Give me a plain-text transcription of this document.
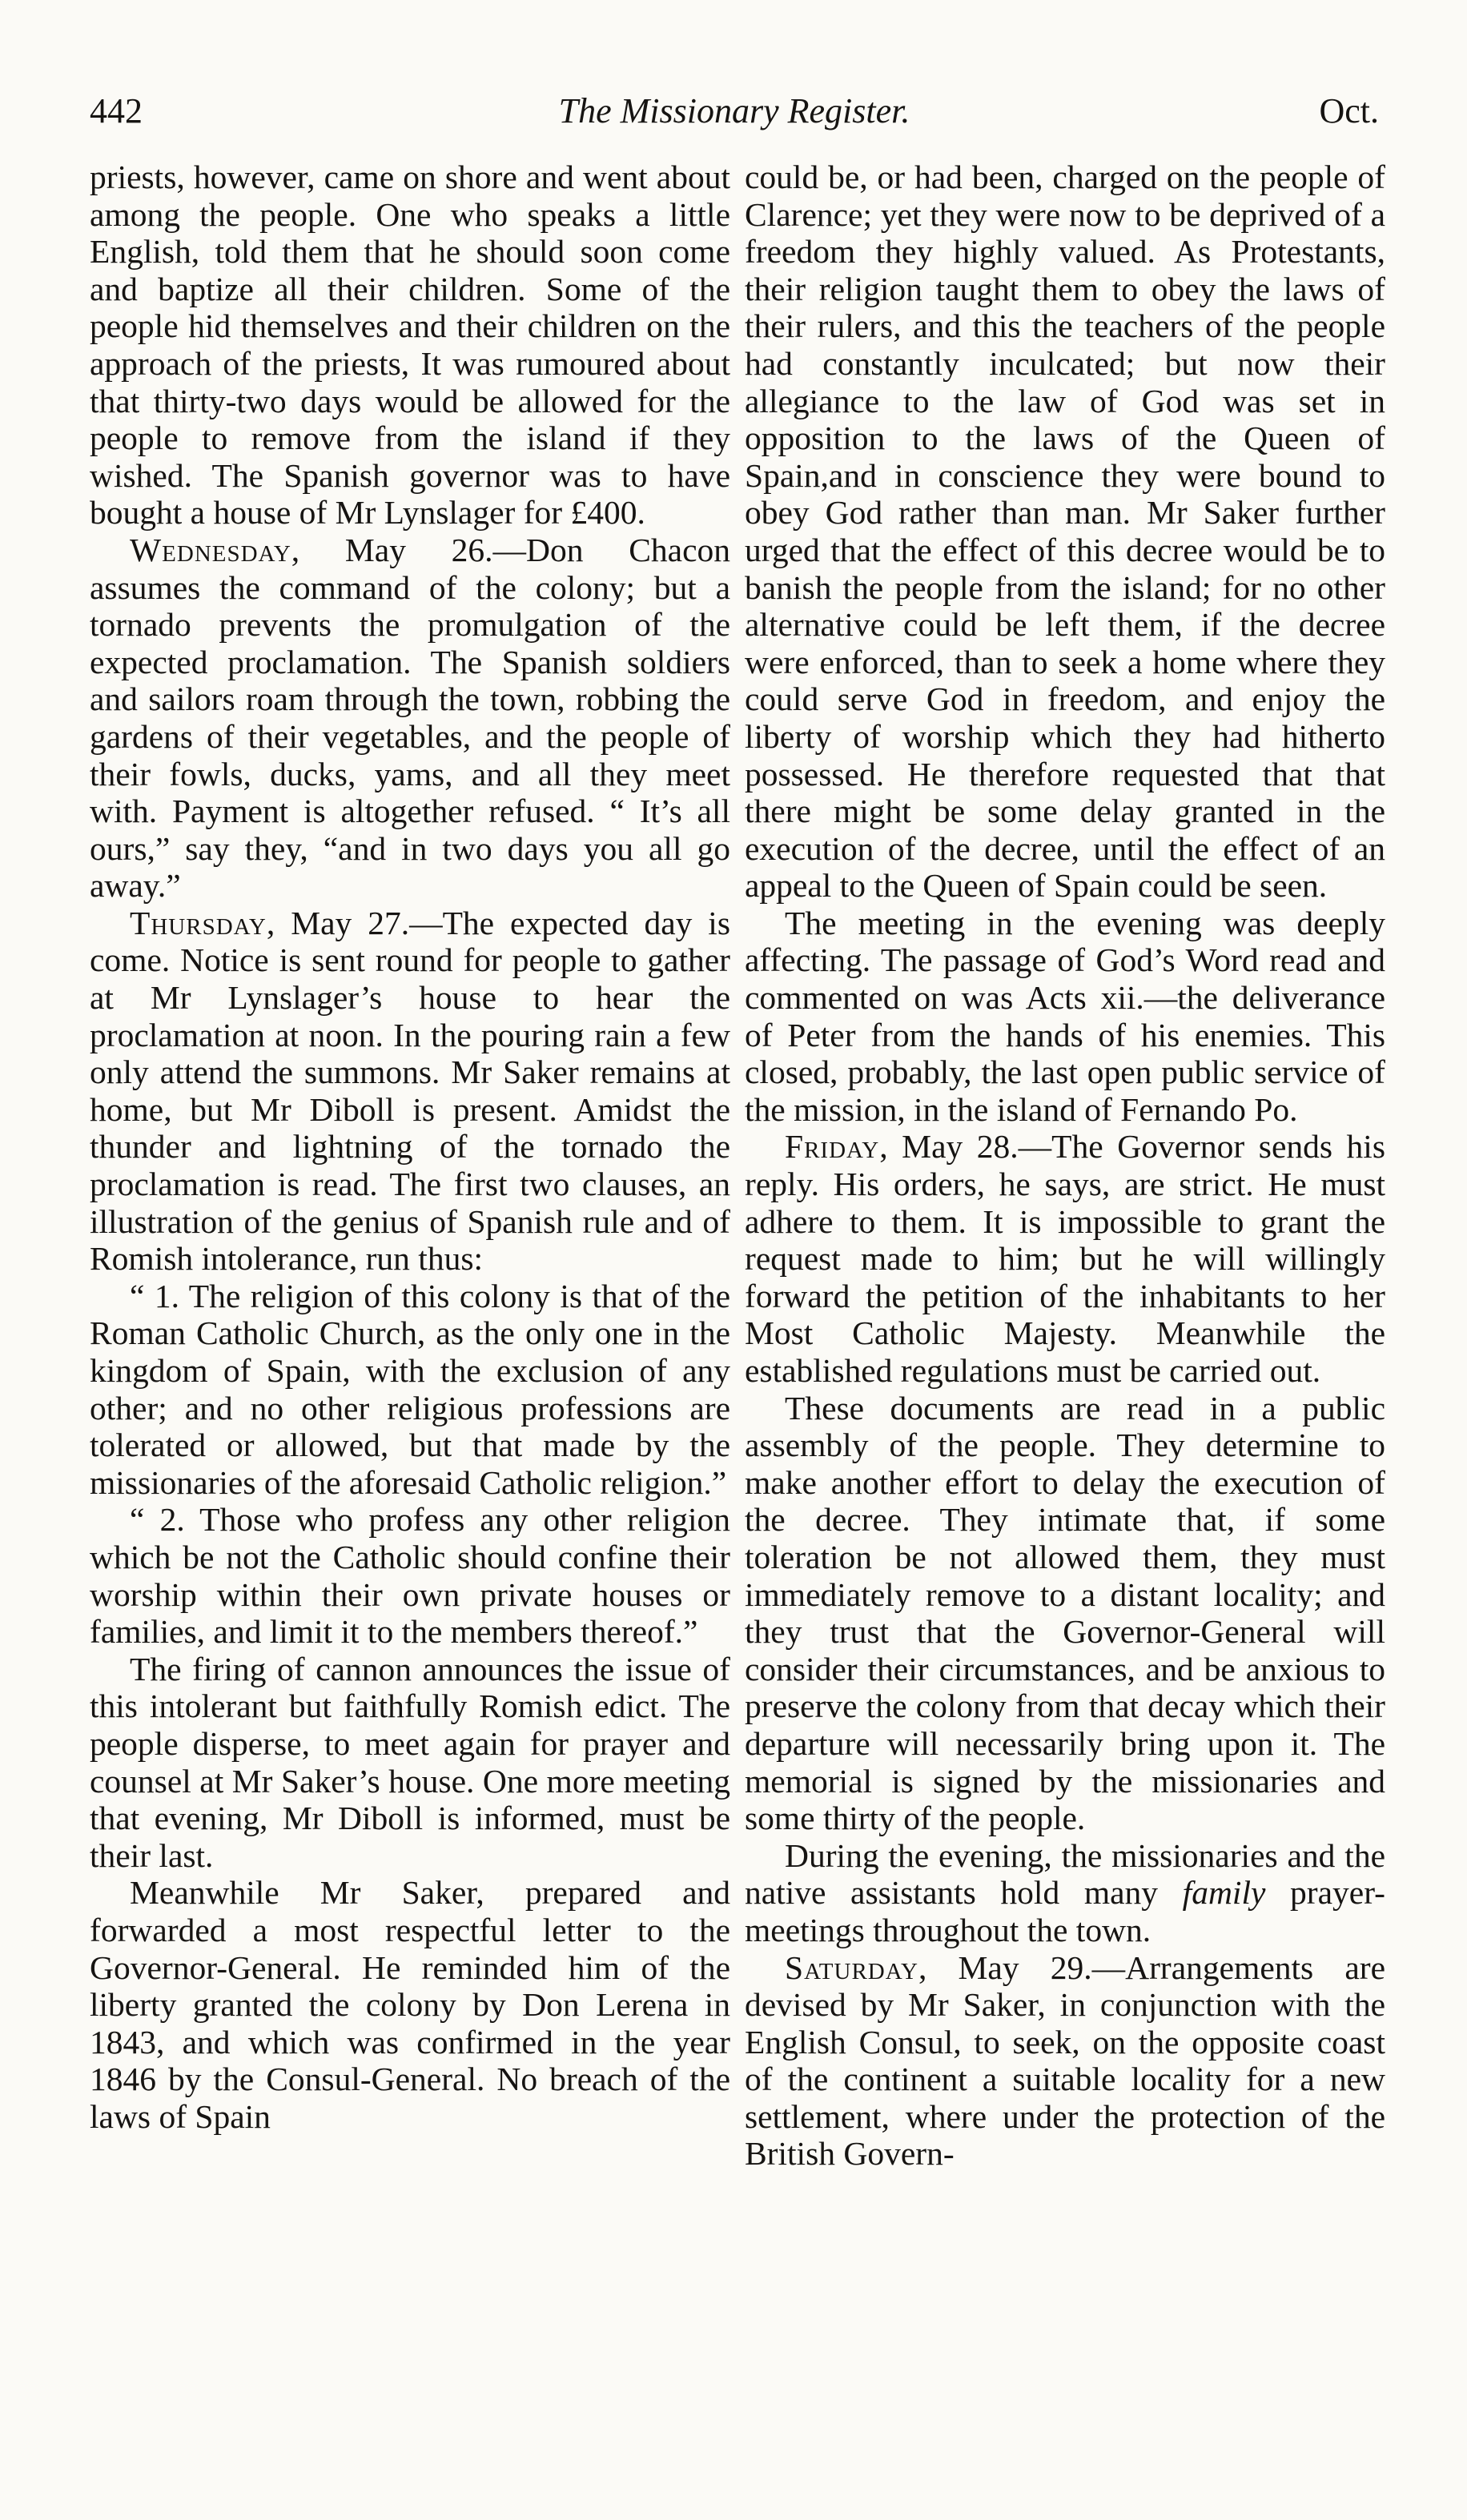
442	The Missionary Register.	Oct.

priests, however, came on shore and went about among the people. One who speaks a little English, told them that he should soon come and baptize all their children. Some of the people hid themselves and their children on the approach of the priests, It was rumoured about that thirty-two days would be allowed for the people to remove from the island if they wished. The Spanish governor was to have bought a house of Mr Lynslager for £400.

Wednesday, May 26.—Don Chacon assumes the command of the colony; but a tornado prevents the promulgation of the expected proclamation. The Spanish soldiers and sailors roam through the town, robbing the gardens of their vegetables, and the people of their fowls, ducks, yams, and all they meet with. Payment is altogether refused. “ It’s all ours,” say they, “and in two days you all go away.”

Thursday, May 27.—The expected day is come. Notice is sent round for people to gather at Mr Lynslager’s house to hear the proclamation at noon. In the pouring rain a few only attend the summons. Mr Saker remains at home, but Mr Diboll is present. Amidst the thunder and lightning of the tornado the proclamation is read. The first two clauses, an illustration of the genius of Spanish rule and of Romish intolerance, run thus:

“ 1. The religion of this colony is that of the Roman Catholic Church, as the only one in the kingdom of Spain, with the exclusion of any other; and no other religious professions are tolerated or allowed, but that made by the missionaries of the aforesaid Catholic religion.”

“ 2. Those who profess any other religion which be not the Catholic should confine their worship within their own private houses or families, and limit it to the members thereof.”

The firing of cannon announces the issue of this intolerant but faithfully Romish edict. The people disperse, to meet again for prayer and counsel at Mr Saker’s house. One more meeting that evening, Mr Diboll is informed, must be their last.

Meanwhile Mr Saker, prepared and forwarded a most respectful letter to the Governor-General. He reminded him of the liberty granted the colony by Don Lerena in 1843, and which was confirmed in the year 1846 by the Consul-General. No breach of the laws of Spain

could be, or had been, charged on the people of Clarence; yet they were now to be deprived of a freedom they highly valued. As Protestants, their religion taught them to obey the laws of their rulers, and this the teachers of the people had constantly inculcated; but now their allegiance to the law of God was set in opposition to the laws of the Queen of Spain,and in conscience they were bound to obey God rather than man. Mr Saker further urged that the effect of this decree would be to banish the people from the island; for no other alternative could be left them, if the decree were enforced, than to seek a home where they could serve God in freedom, and enjoy the liberty of worship which they had hitherto possessed. He therefore requested that that there might be some delay granted in the execution of the decree, until the effect of an appeal to the Queen of Spain could be seen.

The meeting in the evening was deeply affecting. The passage of God’s Word read and commented on was Acts xii.—the deliverance of Peter from the hands of his enemies. This closed, probably, the last open public service of the mission, in the island of Fernando Po.

Friday, May 28.—The Governor sends his reply. His orders, he says, are strict. He must adhere to them. It is impossible to grant the request made to him; but he will willingly forward the petition of the inhabitants to her Most Catholic Majesty. Meanwhile the established regulations must be carried out.

These documents are read in a public assembly of the people. They determine to make another effort to delay the execution of the decree. They intimate that, if some toleration be not allowed them, they must immediately remove to a distant locality; and they trust that the Governor-General will consider their circumstances, and be anxious to preserve the colony from that decay which their departure will necessarily bring upon it. The memorial is signed by the missionaries and some thirty of the people.

During the evening, the missionaries and the native assistants hold many family prayer-meetings throughout the town.

Saturday, May 29.—Arrangements are devised by Mr Saker, in conjunction with the English Consul, to seek, on the opposite coast of the continent a suitable locality for a new settlement, where under the protection of the British Govern-
